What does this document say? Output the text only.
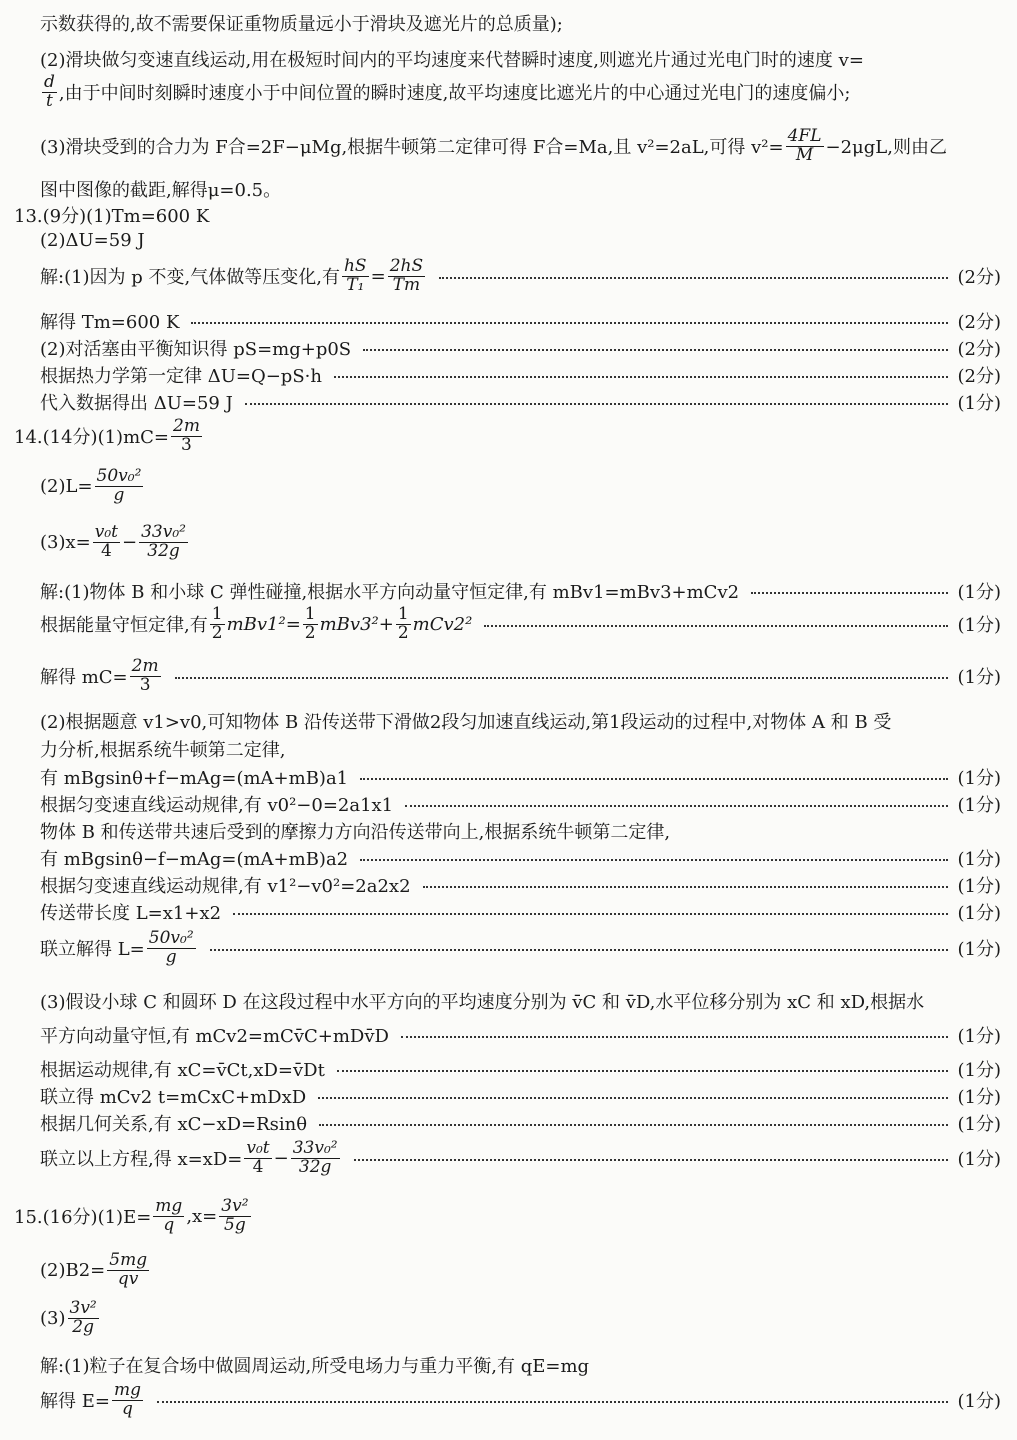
示数获得的,故不需要保证重物质量远小于滑块及遮光片的总质量);
(2)滑块做匀变速直线运动,用在极短时间内的平均速度来代替瞬时速度,则遮光片通过光电门时的速度 v=
$\frac{d}{t}$ ,由于中间时刻瞬时速度小于中间位置的瞬时速度,故平均速度比遮光片的中心通过光电门的速度偏小;
(3)滑块受到的合力为 F合=2F−μMg,根据牛顿第二定律可得 F合=Ma,且 v²=2aL,可得 $v^2= \frac{4FL}{M} -2\mu gL$,则由乙
图中图像的截距,解得μ=0.5。
13.(9分)(1)Tm=600 K
(2)ΔU=59 J
解:(1)因为 p 不变,气体做等压变化,有 $\frac{hS}{\text{T₁}} = \frac{2hS}{Tm}$	(2分)
解得 Tm=600 K	(2分)
(2)对活塞由平衡知识得 pS=mg+p0S	(2分)
根据热力学第一定律 ΔU=Q−pS·h	(2分)
代入数据得出 ΔU=59 J	(1分)
14.(14分)$(1)mC= \frac{2m}{3}$
$(2)L= \frac{\text{50v₀²}}{g}$
$(3)x= \frac{\text{v₀t}}{4} - \frac{\text{33v₀²}}{32g}$
解:(1)物体 B 和小球 C 弹性碰撞,根据水平方向动量守恒定律,有 mBv1=mBv3+mCv2	(1分)
根据能量守恒定律,有 $\frac{1}{2} mBv1^2= \frac{1}{2} mBv3^2+ \frac{1}{2} mCv2^2$	(1分)
解得 $mC= \frac{2m}{3}$	(1分)
(2)根据题意 v1>v0,可知物体 B 沿传送带下滑做2段匀加速直线运动,第1段运动的过程中,对物体 A 和 B 受
力分析,根据系统牛顿第二定律,
有 mBgsinθ+f−mAg=(mA+mB)a1	(1分)
根据匀变速直线运动规律,有 v0²−0=2a1x1	(1分)
物体 B 和传送带共速后受到的摩擦力方向沿传送带向上,根据系统牛顿第二定律,
有 mBgsinθ−f−mAg=(mA+mB)a2	(1分)
根据匀变速直线运动规律,有 v1²−v0²=2a2x2	(1分)
传送带长度 L=x1+x2	(1分)
联立解得 $L= \frac{\text{50v₀²}}{g}$	(1分)
(3)假设小球 C 和圆环 D 在这段过程中水平方向的平均速度分别为 v̄C 和 v̄D,水平位移分别为 xC 和 xD,根据水
平方向动量守恒,有 mCv2=mCv̄C+mDv̄D	(1分)
根据运动规律,有 xC=v̄Ct,xD=v̄Dt	(1分)
联立得 mCv2 t=mCxC+mDxD	(1分)
根据几何关系,有 xC−xD=Rsinθ	(1分)
联立以上方程,得 $x=xD= \frac{\text{v₀t}}{4} - \frac{\text{33v₀²}}{32g}$	(1分)
15.(16分)$(1)E= \frac{mg}{q} ,x= \frac{\text{3v²}}{5g}$
$(2)B2= \frac{5mg}{qv}$
$(3) \frac{\text{3v²}}{2g}$
解:(1)粒子在复合场中做圆周运动,所受电场力与重力平衡,有 qE=mg
解得 $E= \frac{mg}{q}$	(1分)
